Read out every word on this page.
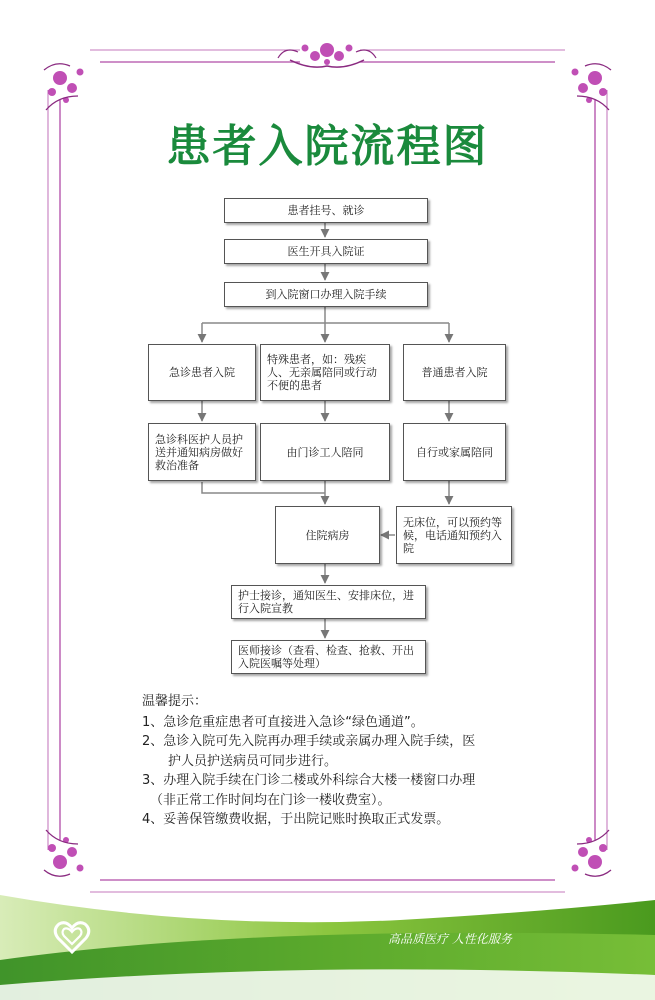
患者入院流程图
患者挂号、就诊
医生开具入院证
到入院窗口办理入院手续
急诊患者入院
特殊患者，如：残疾人、无亲属陪同或行动不便的患者
普通患者入院
急诊科医护人员护送并通知病房做好救治准备
由门诊工人陪同	自行或家属陪同
住院病房
无床位，可以预约等候，电话通知预约入院
护士接诊，通知医生、安排床位，进行入院宣教
医师接诊（查看、检查、抢救、开出入院医嘱等处理）
温馨提示：
1、急诊危重症患者可直接进入急诊“绿色通道”。
2、急诊入院可先入院再办理手续或亲属办理入院手续，医
护人员护送病员可同步进行。
3、办理入院手续在门诊二楼或外科综合大楼一楼窗口办理
（非正常工作时间均在门诊一楼收费室）。
4、妥善保管缴费收据，于出院记账时换取正式发票。
高品质医疗 人性化服务
